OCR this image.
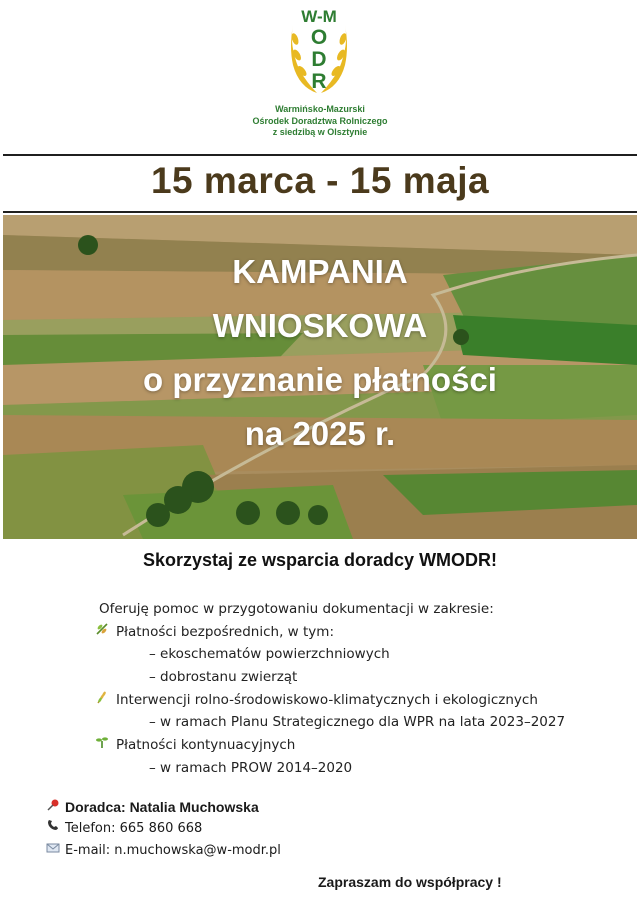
W-M
O
D
R
Warmińsko-Mazurski
Ośrodek Doradztwa Rolniczego
z siedzibą w Olsztynie
15 marca - 15 maja
KAMPANIA
WNIOSKOWA
o przyznanie płatności
na 2025 r.
Skorzystaj ze wsparcia doradcy WMODR!
Oferuję pomoc w przygotowaniu dokumentacji w zakresie:
Płatności bezpośrednich, w tym:
– ekoschematów powierzchniowych
– dobrostanu zwierząt
Interwencji rolno-środowiskowo-klimatycznych i ekologicznych
– w ramach Planu Strategicznego dla WPR na lata 2023–2027
Płatności kontynuacyjnych
– w ramach PROW 2014–2020
Doradca: Natalia Muchowska
Telefon: 665 860 668
E-mail: n.muchowska@w-modr.pl
Zapraszam do współpracy !
